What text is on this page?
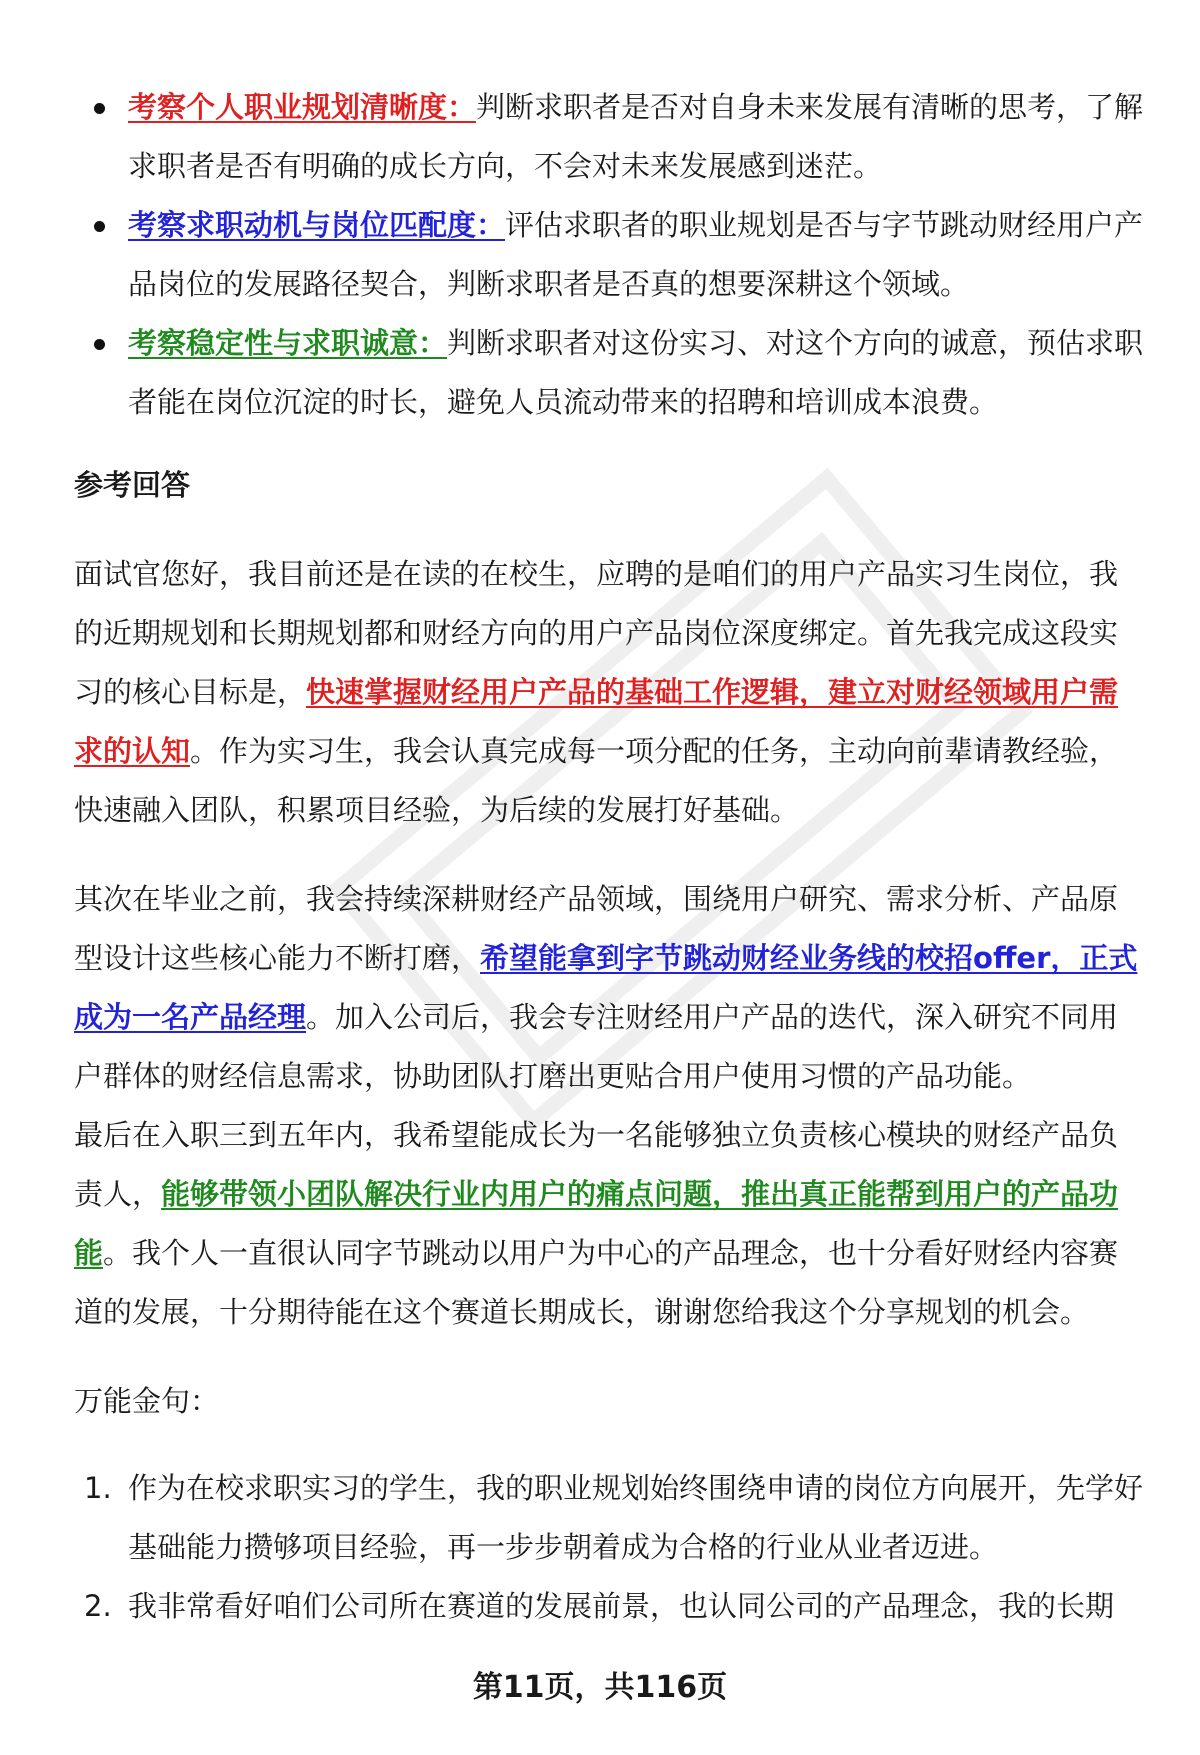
考察个人职业规划清晰度：判断求职者是否对自身未来发展有清晰的思考，了解求职者是否有明确的成长方向，不会对未来发展感到迷茫。
考察求职动机与岗位匹配度：评估求职者的职业规划是否与字节跳动财经用户产品岗位的发展路径契合，判断求职者是否真的想要深耕这个领域。
考察稳定性与求职诚意：判断求职者对这份实习、对这个方向的诚意，预估求职者能在岗位沉淀的时长，避免人员流动带来的招聘和培训成本浪费。
参考回答

面试官您好，我目前还是在读的在校生，应聘的是咱们的用户产品实习生岗位，我的近期规划和长期规划都和财经方向的用户产品岗位深度绑定。首先我完成这段实习的核心目标是，快速掌握财经用户产品的基础工作逻辑，建立对财经领域用户需求的认知。作为实习生，我会认真完成每一项分配的任务，主动向前辈请教经验，快速融入团队，积累项目经验，为后续的发展打好基础。

其次在毕业之前，我会持续深耕财经产品领域，围绕用户研究、需求分析、产品原型设计这些核心能力不断打磨，希望能拿到字节跳动财经业务线的校招offer，正式成为一名产品经理。加入公司后，我会专注财经用户产品的迭代，深入研究不同用户群体的财经信息需求，协助团队打磨出更贴合用户使用习惯的产品功能。

最后在入职三到五年内，我希望能成长为一名能够独立负责核心模块的财经产品负责人，能够带领小团队解决行业内用户的痛点问题，推出真正能帮到用户的产品功能。我个人一直很认同字节跳动以用户为中心的产品理念，也十分看好财经内容赛道的发展，十分期待能在这个赛道长期成长，谢谢您给我这个分享规划的机会。

万能金句：
1. 作为在校求职实习的学生，我的职业规划始终围绕申请的岗位方向展开，先学好基础能力攒够项目经验，再一步步朝着成为合格的行业从业者迈进。
2. 我非常看好咱们公司所在赛道的发展前景，也认同公司的产品理念，我的长期
第11页，共116页
